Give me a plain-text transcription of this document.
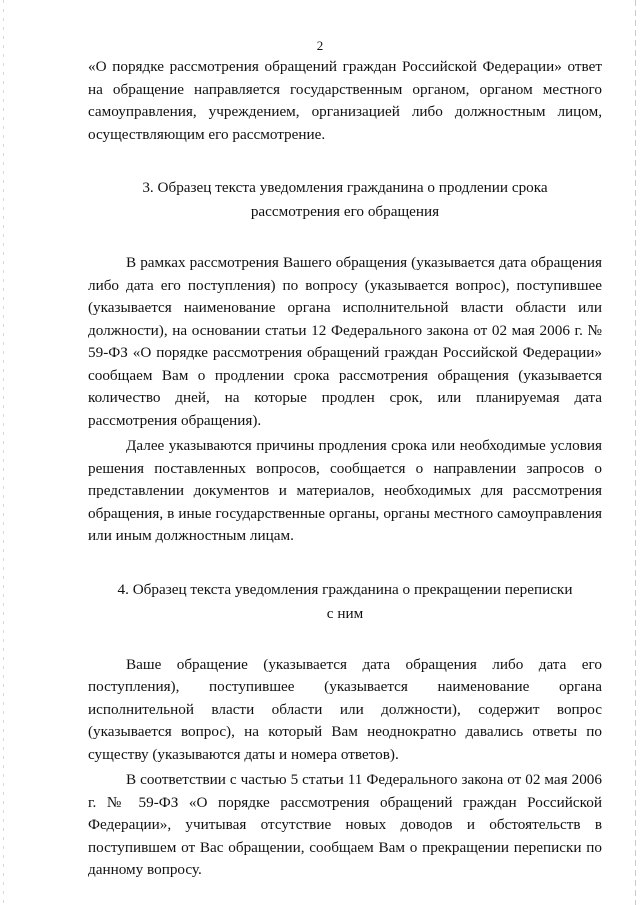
2

«О порядке рассмотрения обращений граждан Российской Федерации» ответ на обращение направляется государственным органом, органом местного самоуправления, учреждением, организацией либо должностным лицом, осуществляющим его рассмотрение.

3. Образец текста уведомления гражданина о продлении срока
рассмотрения его обращения

В рамках рассмотрения Вашего обращения (указывается дата обращения либо дата его поступления) по вопросу (указывается вопрос), поступившее (указывается наименование органа исполнительной власти области или должности), на основании статьи 12 Федерального закона от 02 мая 2006 г. № 59-ФЗ «О порядке рассмотрения обращений граждан Российской Федерации» сообщаем Вам о продлении срока рассмотрения обращения (указывается количество дней, на которые продлен срок, или планируемая дата рассмотрения обращения).

Далее указываются причины продления срока или необходимые условия решения поставленных вопросов, сообщается о направлении запросов о представлении документов и материалов, необходимых для рассмотрения обращения, в иные государственные органы, органы местного самоуправления или иным должностным лицам.

4. Образец текста уведомления гражданина о прекращении переписки
с ним

Ваше обращение (указывается дата обращения либо дата его поступления), поступившее (указывается наименование органа исполнительной власти области или должности), содержит вопрос (указывается вопрос), на который Вам неоднократно давались ответы по существу (указываются даты и номера ответов).

В соответствии с частью 5 статьи 11 Федерального закона от 02 мая 2006 г. № 59-ФЗ «О порядке рассмотрения обращений граждан Российской Федерации», учитывая отсутствие новых доводов и обстоятельств в поступившем от Вас обращении, сообщаем Вам о прекращении переписки по данному вопросу.
